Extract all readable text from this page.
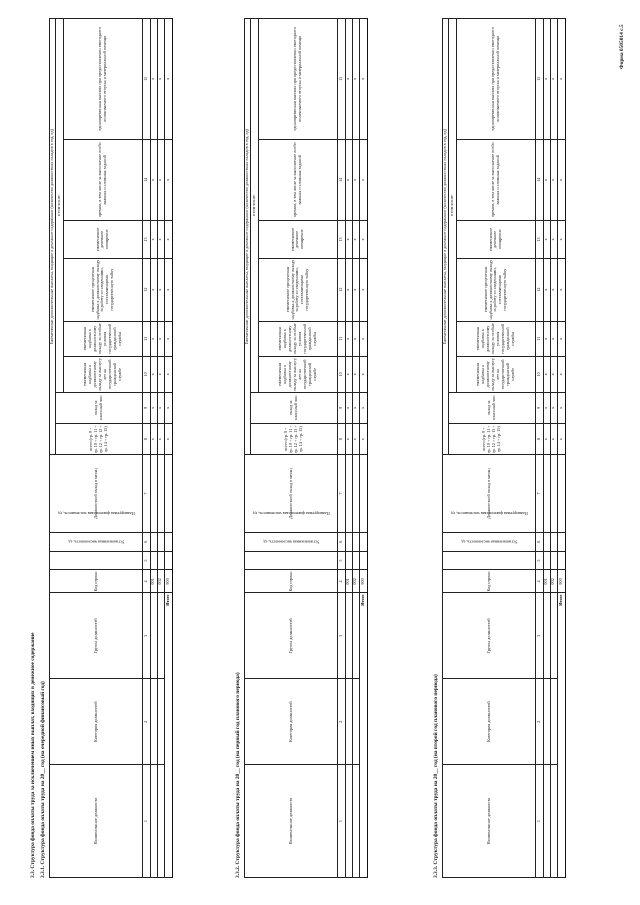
Форма 0505014 с.5
3.3. Структура фонда оплаты труда за исключением иных выплат, входящих в денежное содержание 3.3.1. Структура фонда оплаты труда на 20__ год (на очередной финансовый год)	Наименование должности	Категория должностей	Группа должностей	Код строки	Установленная численность, ед	Планируемая фактическая численность, ед	Должностной оклад в месяц	Ежемесячные дополнительные выплаты, входящие в денежное содержание (количество должностных окладов в год, ед)							
							всего (гр. 9 + гр. 10 + гр. 11 + гр. 12 + гр. 13 + гр. 14 + гр. 15)	оклад за классный чин	в том числе:					
									ежемесячная надбавка к должностному окладу за выслугу лет на государственной гражданской службе	ежемесячная надбавка к должностному окладу за особые условия государственной гражданской службы	ежемесячное процентная надбавка к должностному окладу за работу со сведениями, составляющими государственную тайну	ежемесячное денежное поощрение	премии, в том числе за выполнение особо важных и сложных заданий	единовременная выплата при предоставлении ежегодного оплачиваемого отпуска и материальной помощи
1	2	3	4	5	6	7	8	9	10	11	12	13	14	15
			001				x	x	x	x	x	x	x	x
			002				x	x	x	x	x	x	x	x
Итого			900				x	x	x	x	x	x	x	x
3.3.2. Структура фонда оплаты труда на 20__ год (на первый год планового периода)	Наименование должности	Категория должностей	Группа должностей	Код строки	Установленная численность, ед	Планируемая фактическая численность, ед	Должностной оклад в месяц	Ежемесячные дополнительные выплаты, входящие в денежное содержание (количество должностных окладов в год, ед)							
							всего (гр. 9 + гр. 10 + гр. 11 + гр. 12 + гр. 13 + гр. 14 + гр. 15)	оклад за классный чин	в том числе:					
									ежемесячная надбавка к должностному окладу за выслугу лет на государственной гражданской службе	ежемесячная надбавка к должностному окладу за особые условия государственной гражданской службы	ежемесячное процентная надбавка к должностному окладу за работу со сведениями, составляющими государственную тайну	ежемесячное денежное поощрение	премии, в том числе за выполнение особо важных и сложных заданий	единовременная выплата при предоставлении ежегодного оплачиваемого отпуска и материальной помощи
1	2	3	4	5	6	7	8	9	10	11	12	13	14	15
			001				x	x	x	x	x	x	x	x
			002				x	x	x	x	x	x	x	x
Итого			900				x	x	x	x	x	x	x	x
3.3.3. Структура фонда оплаты труда на 20__ год (на второй год планового периода)	Наименование должности	Категория должностей	Группа должностей	Код строки	Установленная численность, ед	Планируемая фактическая численность, ед	Должностной оклад в месяц	Ежемесячные дополнительные выплаты, входящие в денежное содержание (количество должностных окладов в год, ед)							
							всего (гр. 9 + гр. 10 + гр. 11 + гр. 12 + гр. 13 + гр. 14 + гр. 15)	оклад за классный чин	в том числе:					
									ежемесячная надбавка к должностному окладу за выслугу лет на государственной гражданской службе	ежемесячная надбавка к должностному окладу за особые условия государственной гражданской службы	ежемесячное процентная надбавка к должностному окладу за работу со сведениями, составляющими государственную тайну	ежемесячное денежное поощрение	премии, в том числе за выполнение особо важных и сложных заданий	единовременная выплата при предоставлении ежегодного оплачиваемого отпуска и материальной помощи
1	2	3	4	5	6	7	8	9	10	11	12	13	14	15
			001				x	x	x	x	x	x	x	x
			002				x	x	x	x	x	x	x	x
Итого			900				x	x	x	x	x	x	x	x
